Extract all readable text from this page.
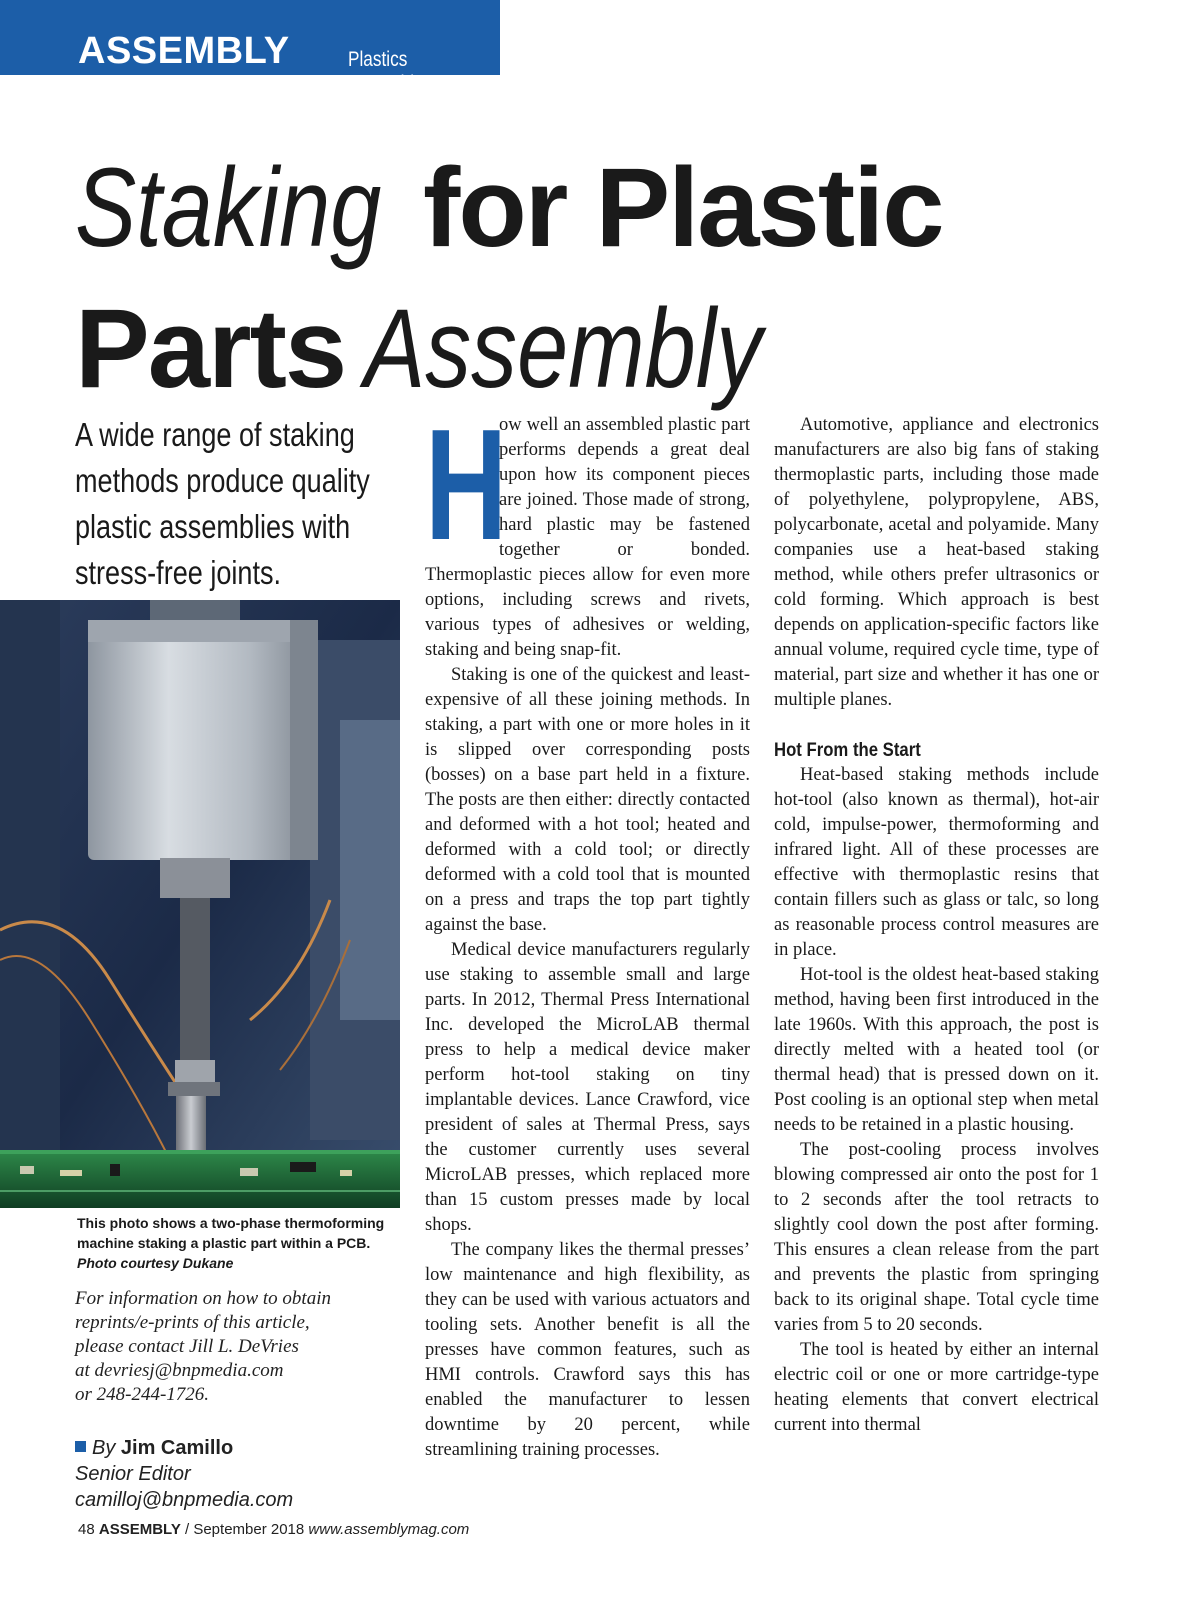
ASSEMBLY	Plastics Assembly
Staking for Plastic
Parts Assembly
A wide range of staking methods produce quality plastic assemblies with stress-free joints.
This photo shows a two-phase thermoforming machine staking a plastic part within a PCB. Photo courtesy Dukane
For information on how to obtain
reprints/e-prints of this article,
please contact Jill L. DeVries
at devriesj@bnpmedia.com
or 248-244-1726.
By Jim Camillo
Senior Editor
camilloj@bnpmedia.com

H
ow well an assembled plastic part performs depends a great deal upon how its component pieces are joined. Those made of strong, hard plastic may be fastened together or bonded. Thermoplastic pieces allow for even more options, including screws and rivets, various types of adhesives or welding, staking and being snap-fit.

Staking is one of the quickest and least-expensive of all these joining methods. In staking, a part with one or more holes in it is slipped over corresponding posts (bosses) on a base part held in a fixture. The posts are then either: directly contacted and deformed with a hot tool; heated and deformed with a cold tool; or directly deformed with a cold tool that is mounted on a press and traps the top part tightly against the base.

Medical device manufacturers regularly use staking to assemble small and large parts. In 2012, Thermal Press International Inc. developed the MicroLAB thermal press to help a medical device maker perform hot-tool staking on tiny implantable devices. Lance Crawford, vice president of sales at Thermal Press, says the customer currently uses several MicroLAB presses, which replaced more than 15 custom presses made by local shops.

The company likes the thermal presses’ low maintenance and high flexibility, as they can be used with various actuators and tooling sets. Another benefit is all the presses have common features, such as HMI controls. Crawford says this has enabled the manufacturer to lessen downtime by 20 percent, while streamlining training processes.

Automotive, appliance and electronics manufacturers are also big fans of staking thermoplastic parts, including those made of polyethylene, polypropylene, ABS, polycarbonate, acetal and polyamide. Many companies use a heat-based staking method, while others prefer ultrasonics or cold forming. Which approach is best depends on application-specific factors like annual volume, required cycle time, type of material, part size and whether it has one or multiple planes.

Hot From the Start

Heat-based staking methods include hot-tool (also known as thermal), hot-air cold, impulse-power, thermoforming and infrared light. All of these processes are effective with thermoplastic resins that contain fillers such as glass or talc, so long as reasonable process control measures are in place.

Hot-tool is the oldest heat-based staking method, having been first introduced in the late 1960s. With this approach, the post is directly melted with a heated tool (or thermal head) that is pressed down on it. Post cooling is an optional step when metal needs to be retained in a plastic housing.

The post-cooling process involves blowing compressed air onto the post for 1 to 2 seconds after the tool retracts to slightly cool down the post after forming. This ensures a clean release from the part and prevents the plastic from springing back to its original shape. Total cycle time varies from 5 to 20 seconds.

The tool is heated by either an internal electric coil or one or more cartridge-type heating elements that convert electrical current into thermal

48 ASSEMBLY / September 2018 www.assemblymag.com
